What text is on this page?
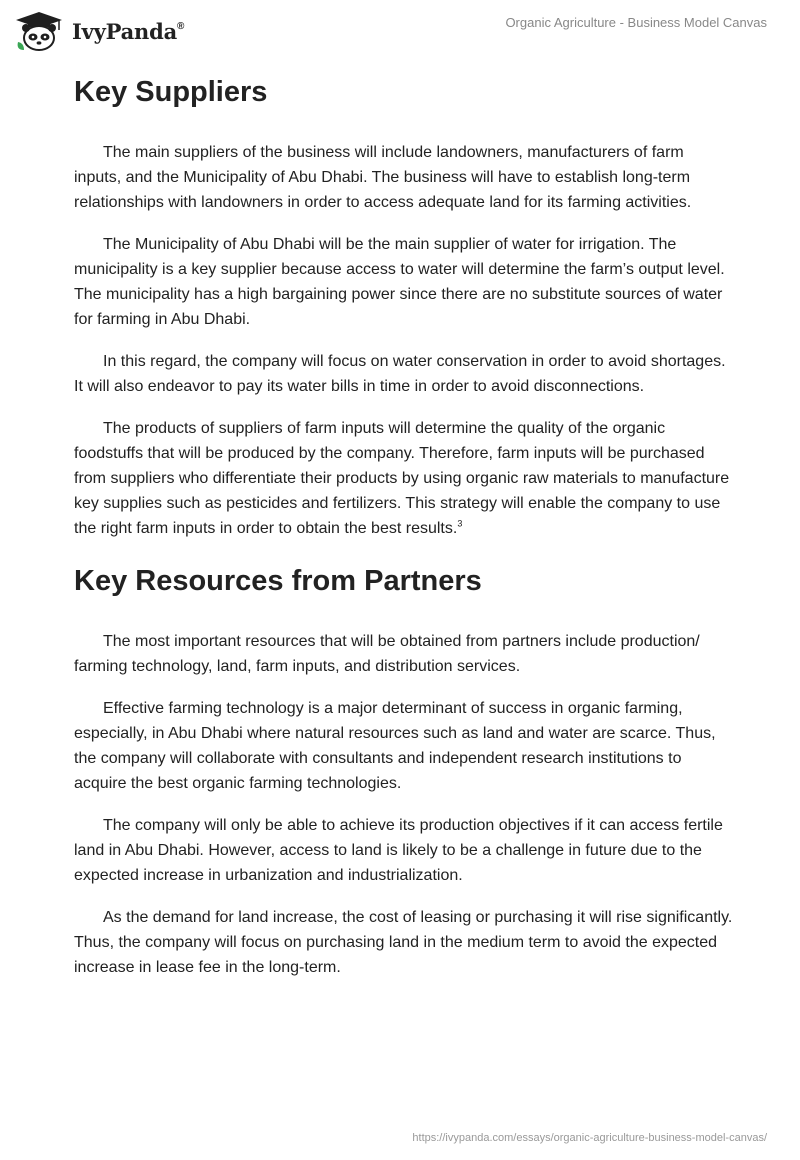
IvyPanda®	Organic Agriculture - Business Model Canvas
Key Suppliers

The main suppliers of the business will include landowners, manufacturers of farm inputs, and the Municipality of Abu Dhabi. The business will have to establish long-term relationships with landowners in order to access adequate land for its farming activities.

The Municipality of Abu Dhabi will be the main supplier of water for irrigation. The municipality is a key supplier because access to water will determine the farm’s output level. The municipality has a high bargaining power since there are no substitute sources of water for farming in Abu Dhabi.

In this regard, the company will focus on water conservation in order to avoid shortages. It will also endeavor to pay its water bills in time in order to avoid disconnections.

The products of suppliers of farm inputs will determine the quality of the organic foodstuffs that will be produced by the company. Therefore, farm inputs will be purchased from suppliers who differentiate their products by using organic raw materials to manufacture key supplies such as pesticides and fertilizers. This strategy will enable the company to use the right farm inputs in order to obtain the best results.$^3$

Key Resources from Partners

The most important resources that will be obtained from partners include production/ farming technology, land, farm inputs, and distribution services.

Effective farming technology is a major determinant of success in organic farming, especially, in Abu Dhabi where natural resources such as land and water are scarce. Thus, the company will collaborate with consultants and independent research institutions to acquire the best organic farming technologies.

The company will only be able to achieve its production objectives if it can access fertile land in Abu Dhabi. However, access to land is likely to be a challenge in future due to the expected increase in urbanization and industrialization.

As the demand for land increase, the cost of leasing or purchasing it will rise significantly. Thus, the company will focus on purchasing land in the medium term to avoid the expected increase in lease fee in the long-term.

https://ivypanda.com/essays/organic-agriculture-business-model-canvas/
